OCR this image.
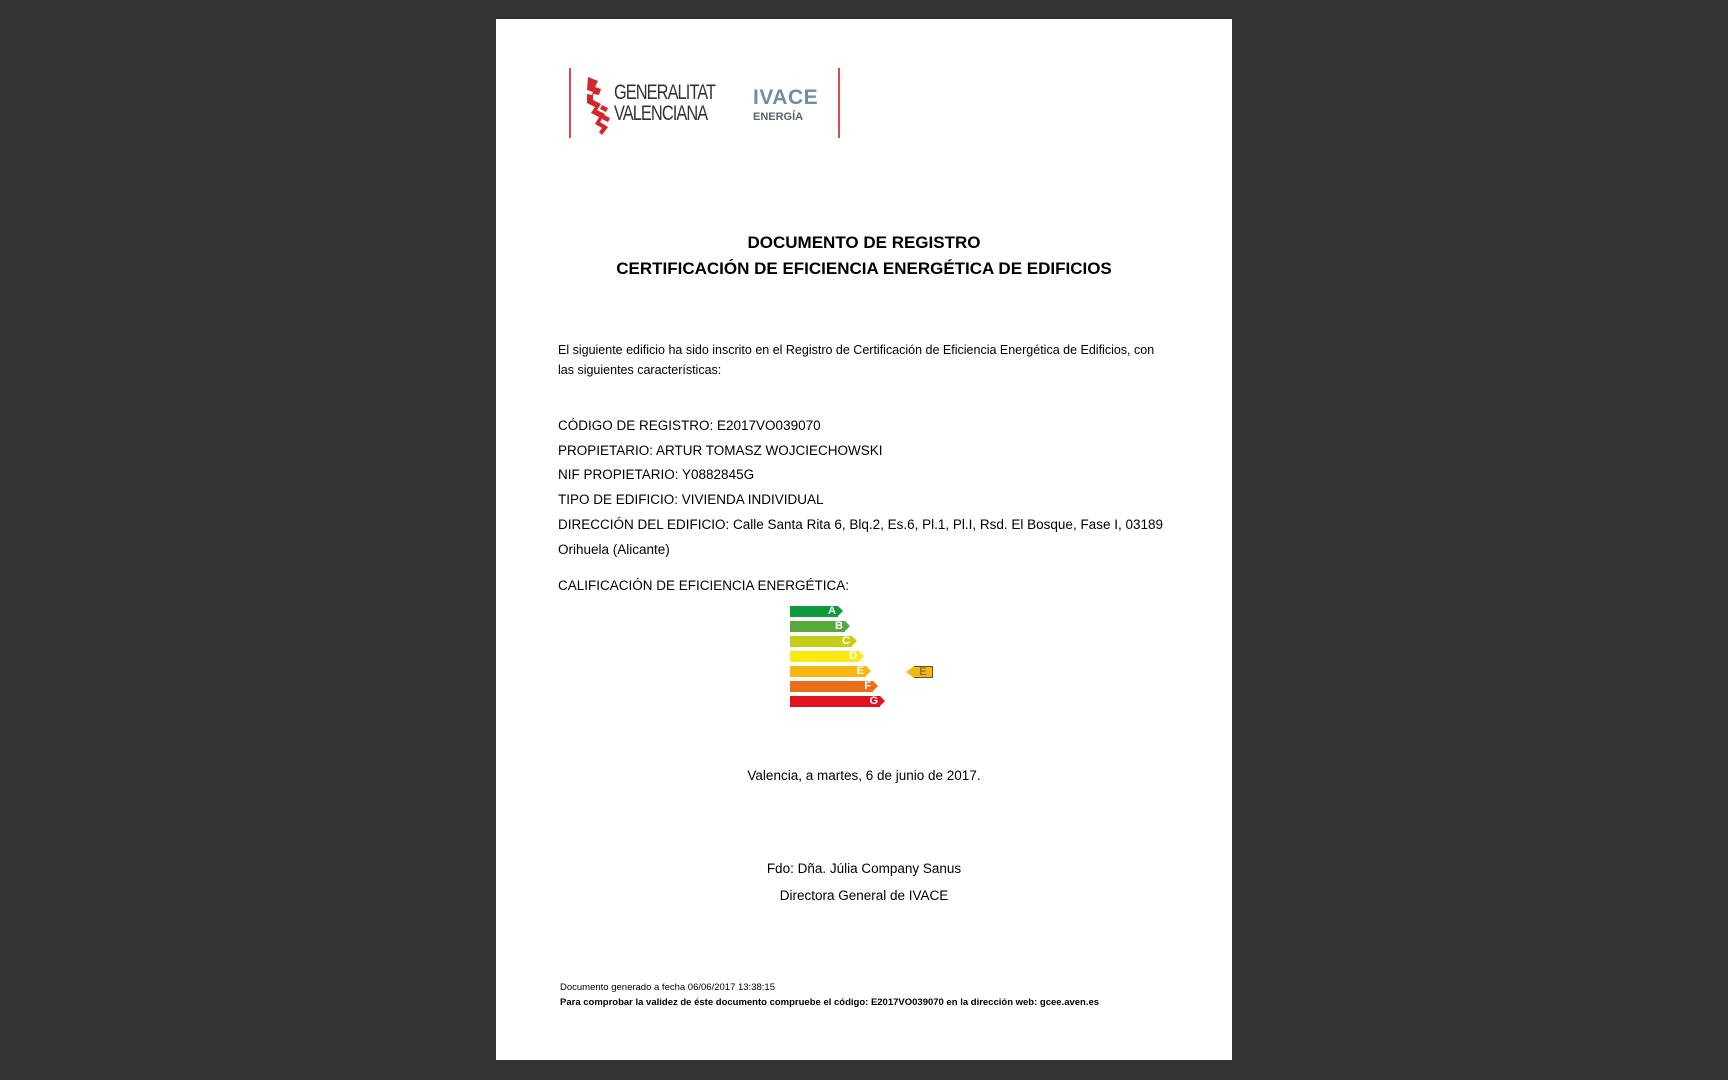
GENERALITAT
VALENCIANA
IVACE
ENERGÍA
DOCUMENTO DE REGISTRO
CERTIFICACIÓN DE EFICIENCIA ENERGÉTICA DE EDIFICIOS
El siguiente edificio ha sido inscrito en el Registro de Certificación de Eficiencia Energética de Edificios, con las siguientes características:
CÓDIGO DE REGISTRO: E2017VO039070
PROPIETARIO: ARTUR TOMASZ WOJCIECHOWSKI
NIF PROPIETARIO: Y0882845G
TIPO DE EDIFICIO: VIVIENDA INDIVIDUAL
DIRECCIÓN DEL EDIFICIO: Calle Santa Rita 6, Blq.2, Es.6, Pl.1, Pl.I, Rsd. El Bosque, Fase I, 03189 Orihuela (Alicante)
CALIFICACIÓN DE EFICIENCIA ENERGÉTICA:
A
B
C
D
E
F
G
E
Valencia, a martes, 6 de junio de 2017.
Fdo: Dña. Júlia Company Sanus
Directora General de IVACE
Documento generado a fecha 06/06/2017 13:38:15
Para comprobar la validez de éste documento compruebe el código: E2017VO039070 en la dirección web: gcee.aven.es
